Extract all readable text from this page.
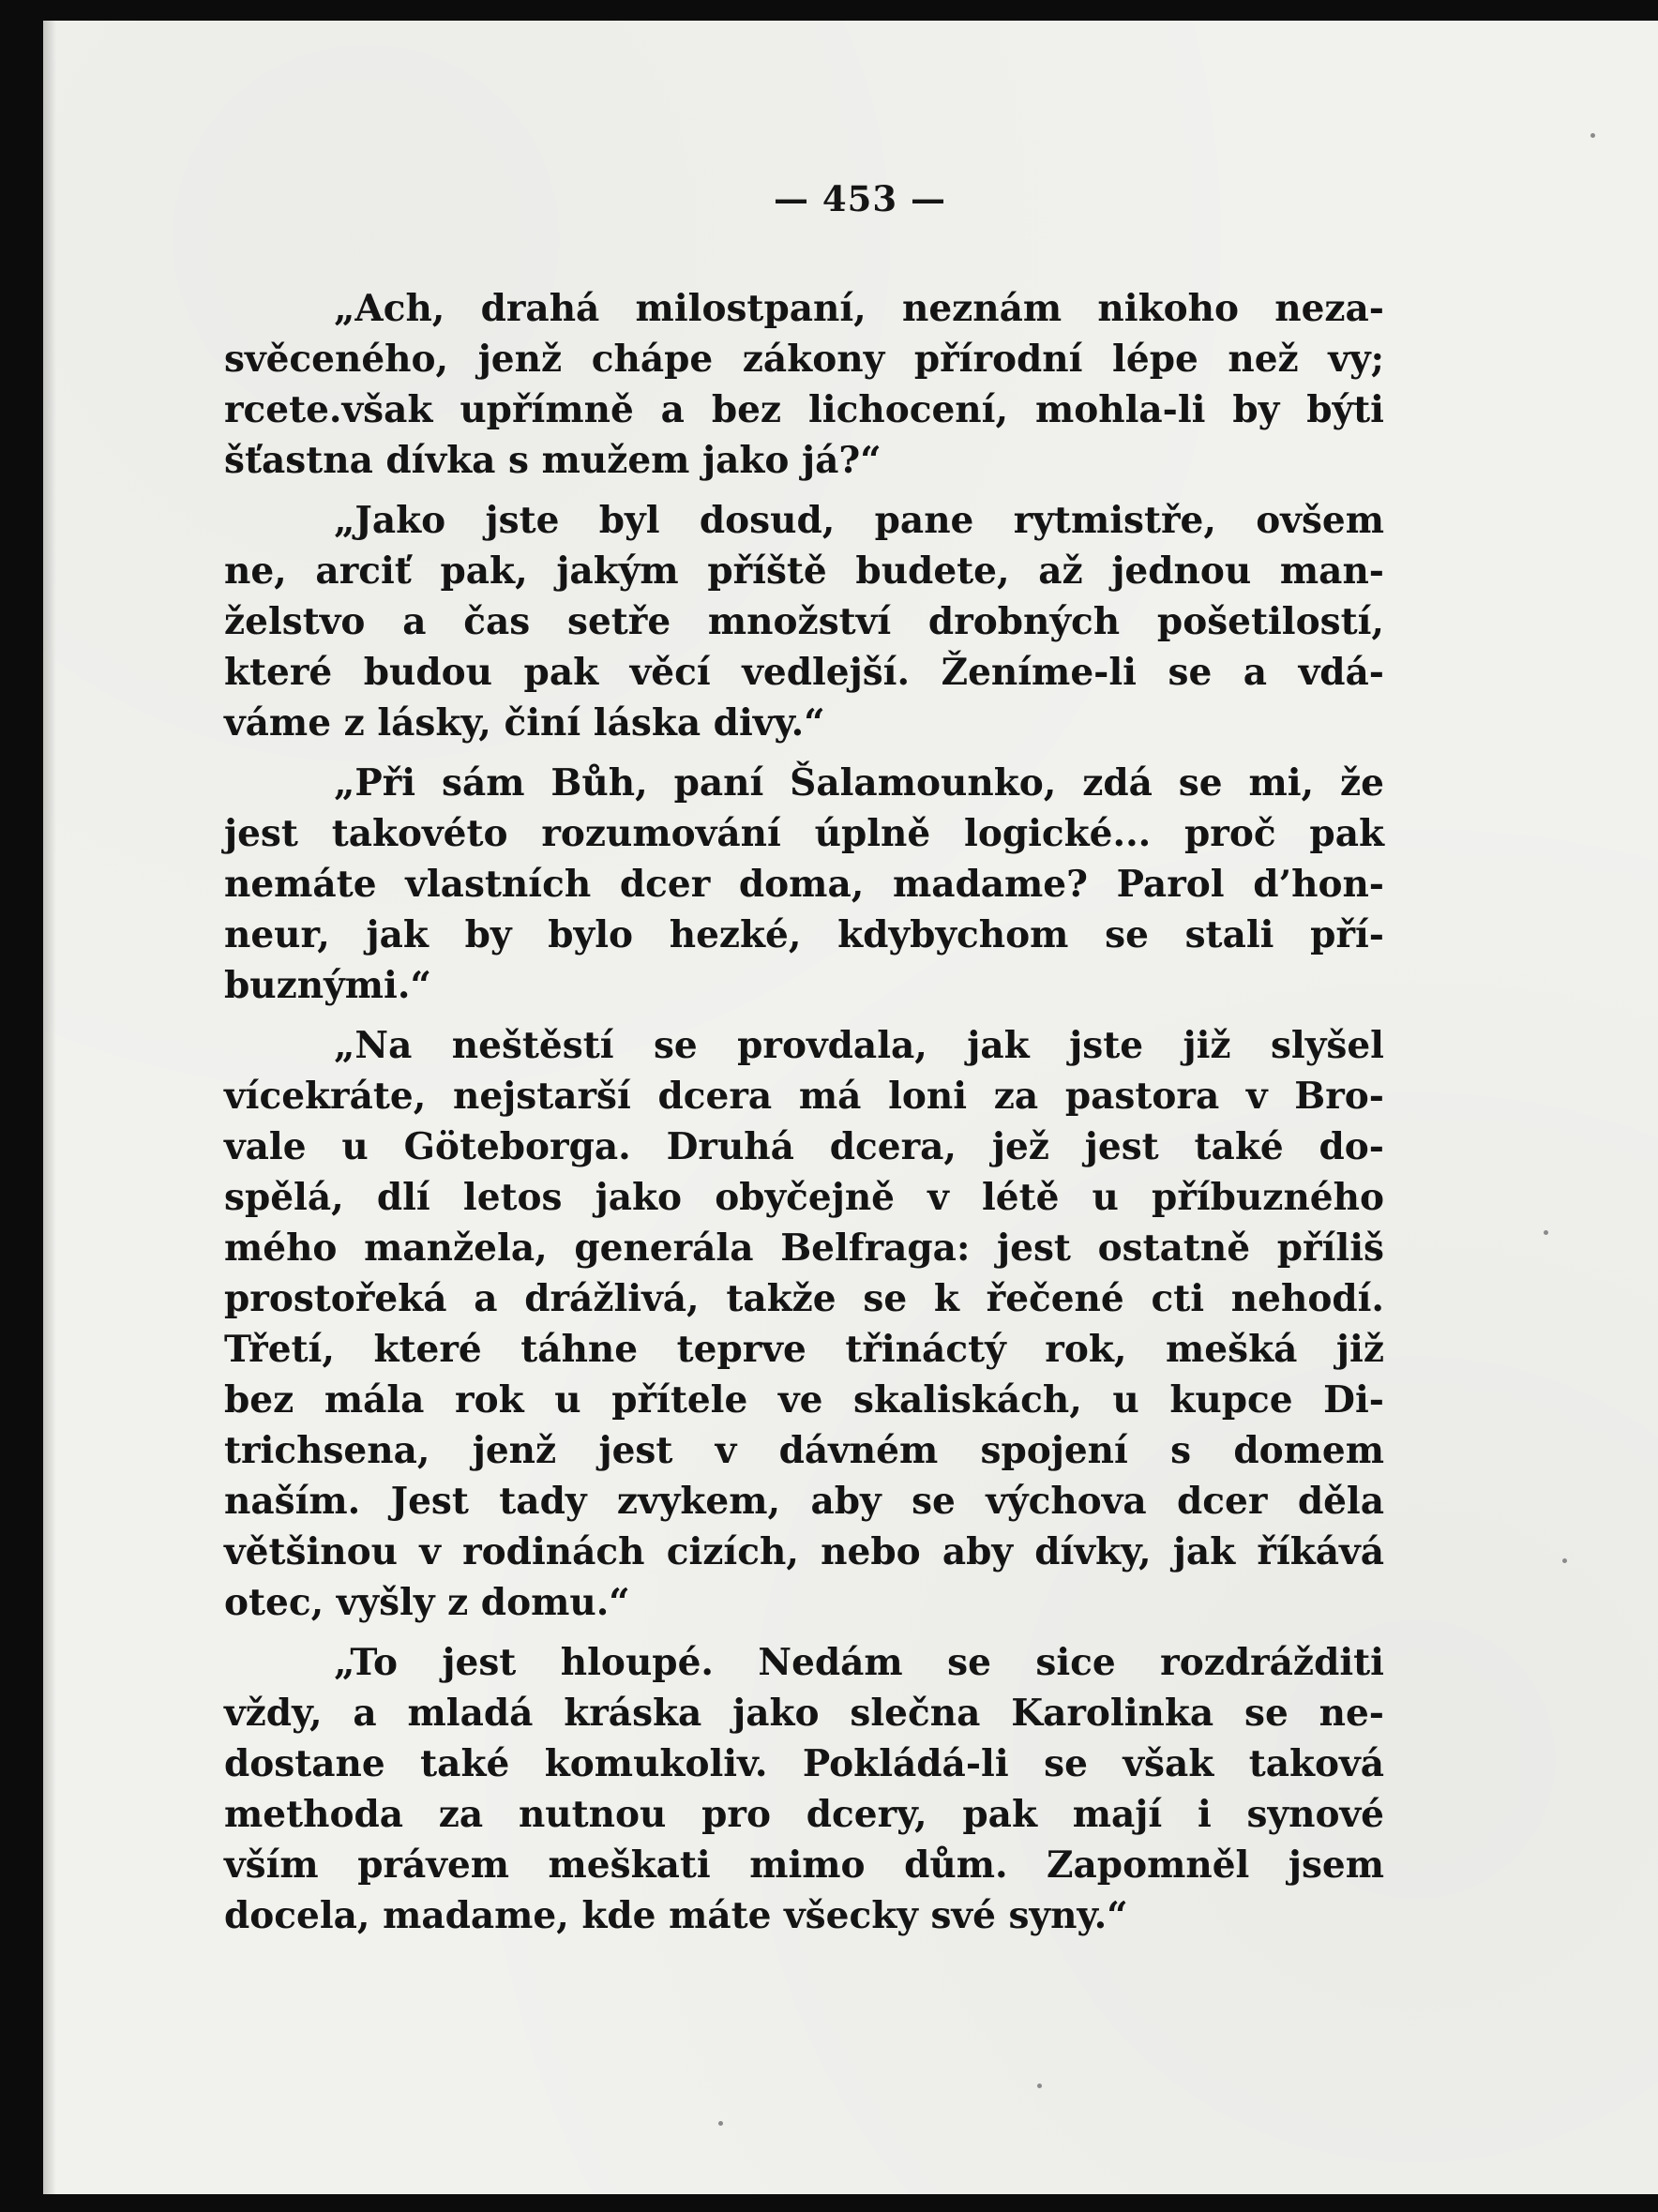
— 453 —

„Ach, drahá milostpaní, neznám nikoho neza-
svěceného, jenž chápe zákony přírodní lépe než vy;
rcete.však upřímně a bez lichocení, mohla-li by býti
šťastna dívka s mužem jako já?“

„Jako jste byl dosud, pane rytmistře, ovšem
ne, arciť pak, jakým příště budete, až jednou man-
želstvo a čas setře množství drobných pošetilostí,
které budou pak věcí vedlejší. Ženíme-li se a vdá-
váme z lásky, činí láska divy.“

„Při sám Bůh, paní Šalamounko, zdá se mi, že
jest takovéto rozumování úplně logické... proč pak
nemáte vlastních dcer doma, madame? Parol d’hon-
neur, jak by bylo hezké, kdybychom se stali pří-
buznými.“

„Na neštěstí se provdala, jak jste již slyšel
vícekráte, nejstarší dcera má loni za pastora v Bro-
vale u Göteborga. Druhá dcera, jež jest také do-
spělá, dlí letos jako obyčejně v létě u příbuzného
mého manžela, generála Belfraga: jest ostatně příliš
prostořeká a drážlivá, takže se k řečené cti nehodí.
Třetí, které táhne teprve třináctý rok, mešká již
bez mála rok u přítele ve skaliskách, u kupce Di-
trichsena, jenž jest v dávném spojení s domem
naším. Jest tady zvykem, aby se výchova dcer děla
většinou v rodinách cizích, nebo aby dívky, jak říkává
otec, vyšly z domu.“

„To jest hloupé. Nedám se sice rozdrážditi
vždy, a mladá kráska jako slečna Karolinka se ne-
dostane také komukoliv. Pokládá-li se však taková
methoda za nutnou pro dcery, pak mají i synové
vším právem meškati mimo dům. Zapomněl jsem
docela, madame, kde máte všecky své syny.“
